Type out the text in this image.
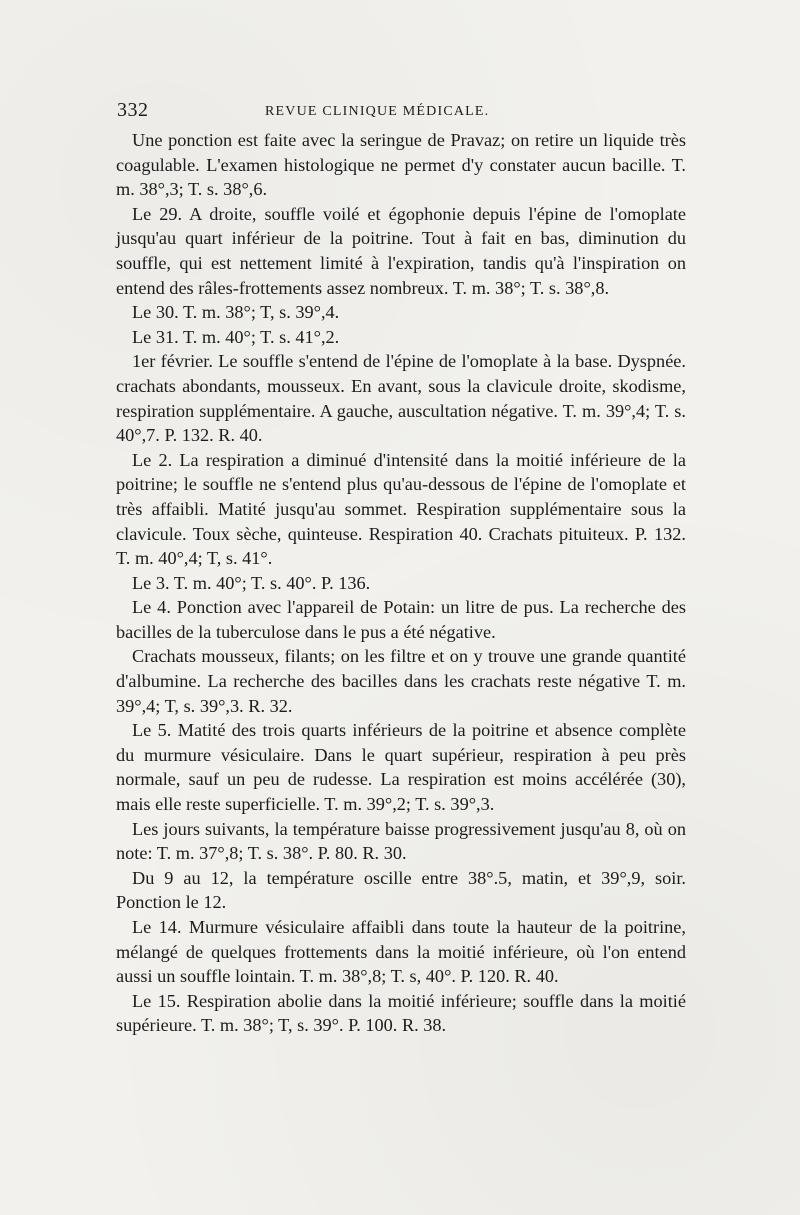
332	REVUE CLINIQUE MÉDICALE.

Une ponction est faite avec la seringue de Pravaz; on retire un liquide très coagulable. L'examen histologique ne permet d'y constater aucun bacille. T. m. 38°,3; T. s. 38°,6.

Le 29. A droite, souffle voilé et égophonie depuis l'épine de l'omoplate jusqu'au quart inférieur de la poitrine. Tout à fait en bas, diminution du souffle, qui est nettement limité à l'expiration, tandis qu'à l'inspiration on entend des râles-frottements assez nombreux. T. m. 38°; T. s. 38°,8.

Le 30. T. m. 38°; T, s. 39°,4.

Le 31. T. m. 40°; T. s. 41°,2.

1er février. Le souffle s'entend de l'épine de l'omoplate à la base. Dyspnée. crachats abondants, mousseux. En avant, sous la clavicule droite, skodisme, respiration supplémentaire. A gauche, auscultation négative. T. m. 39°,4; T. s. 40°,7. P. 132. R. 40.

Le 2. La respiration a diminué d'intensité dans la moitié inférieure de la poitrine; le souffle ne s'entend plus qu'au-dessous de l'épine de l'omoplate et très affaibli. Matité jusqu'au sommet. Respiration supplémentaire sous la clavicule. Toux sèche, quinteuse. Respiration 40. Crachats pituiteux. P. 132. T. m. 40°,4; T, s. 41°.

Le 3. T. m. 40°; T. s. 40°. P. 136.

Le 4. Ponction avec l'appareil de Potain: un litre de pus. La recherche des bacilles de la tuberculose dans le pus a été négative.

Crachats mousseux, filants; on les filtre et on y trouve une grande quantité d'albumine. La recherche des bacilles dans les crachats reste négative T. m. 39°,4; T, s. 39°,3. R. 32.

Le 5. Matité des trois quarts inférieurs de la poitrine et absence complète du murmure vésiculaire. Dans le quart supérieur, respiration à peu près normale, sauf un peu de rudesse. La respiration est moins accélérée (30), mais elle reste superficielle. T. m. 39°,2; T. s. 39°,3.

Les jours suivants, la température baisse progressivement jusqu'au 8, où on note: T. m. 37°,8; T. s. 38°. P. 80. R. 30.

Du 9 au 12, la température oscille entre 38°.5, matin, et 39°,9, soir. Ponction le 12.

Le 14. Murmure vésiculaire affaibli dans toute la hauteur de la poitrine, mélangé de quelques frottements dans la moitié inférieure, où l'on entend aussi un souffle lointain. T. m. 38°,8; T. s, 40°. P. 120. R. 40.

Le 15. Respiration abolie dans la moitié inférieure; souffle dans la moitié supérieure. T. m. 38°; T, s. 39°. P. 100. R. 38.
